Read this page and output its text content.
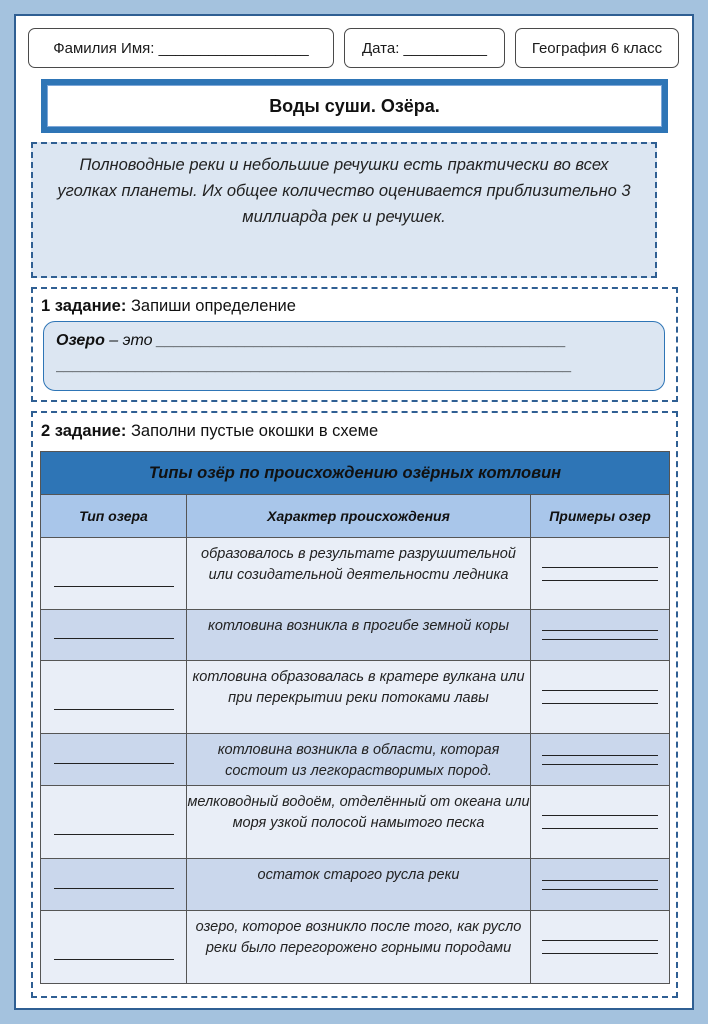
Фамилия Имя: __________________	Дата: __________	География 6 класс
Воды суши. Озёра.
Полноводные реки и небольшие речушки есть практически во всех уголках планеты. Их общее количество оценивается приблизительно 3 миллиарда рек и речушек.
1 задание: Запиши определение
Озеро – это ______________________________________________
__________________________________________________________
2 задание: Заполни пустые окошки в схеме
Типы озёр по происхождению озёрных котловин		
Тип озера	Характер происхождения	Примеры озер
	образовалось в результате разрушительной или созидательной деятельности ледника	

	котловина возникла в прогибе земной коры	

	котловина образовалась в кратере вулкана или при перекрытии реки потоками лавы	

	котловина возникла в области, которая состоит из легкорастворимых пород.	

	мелководный водоём, отделённый от океана или моря узкой полосой намытого песка	

	остаток старого русла реки	

	озеро, которое возникло после того, как русло реки было перегорожено горными породами	
